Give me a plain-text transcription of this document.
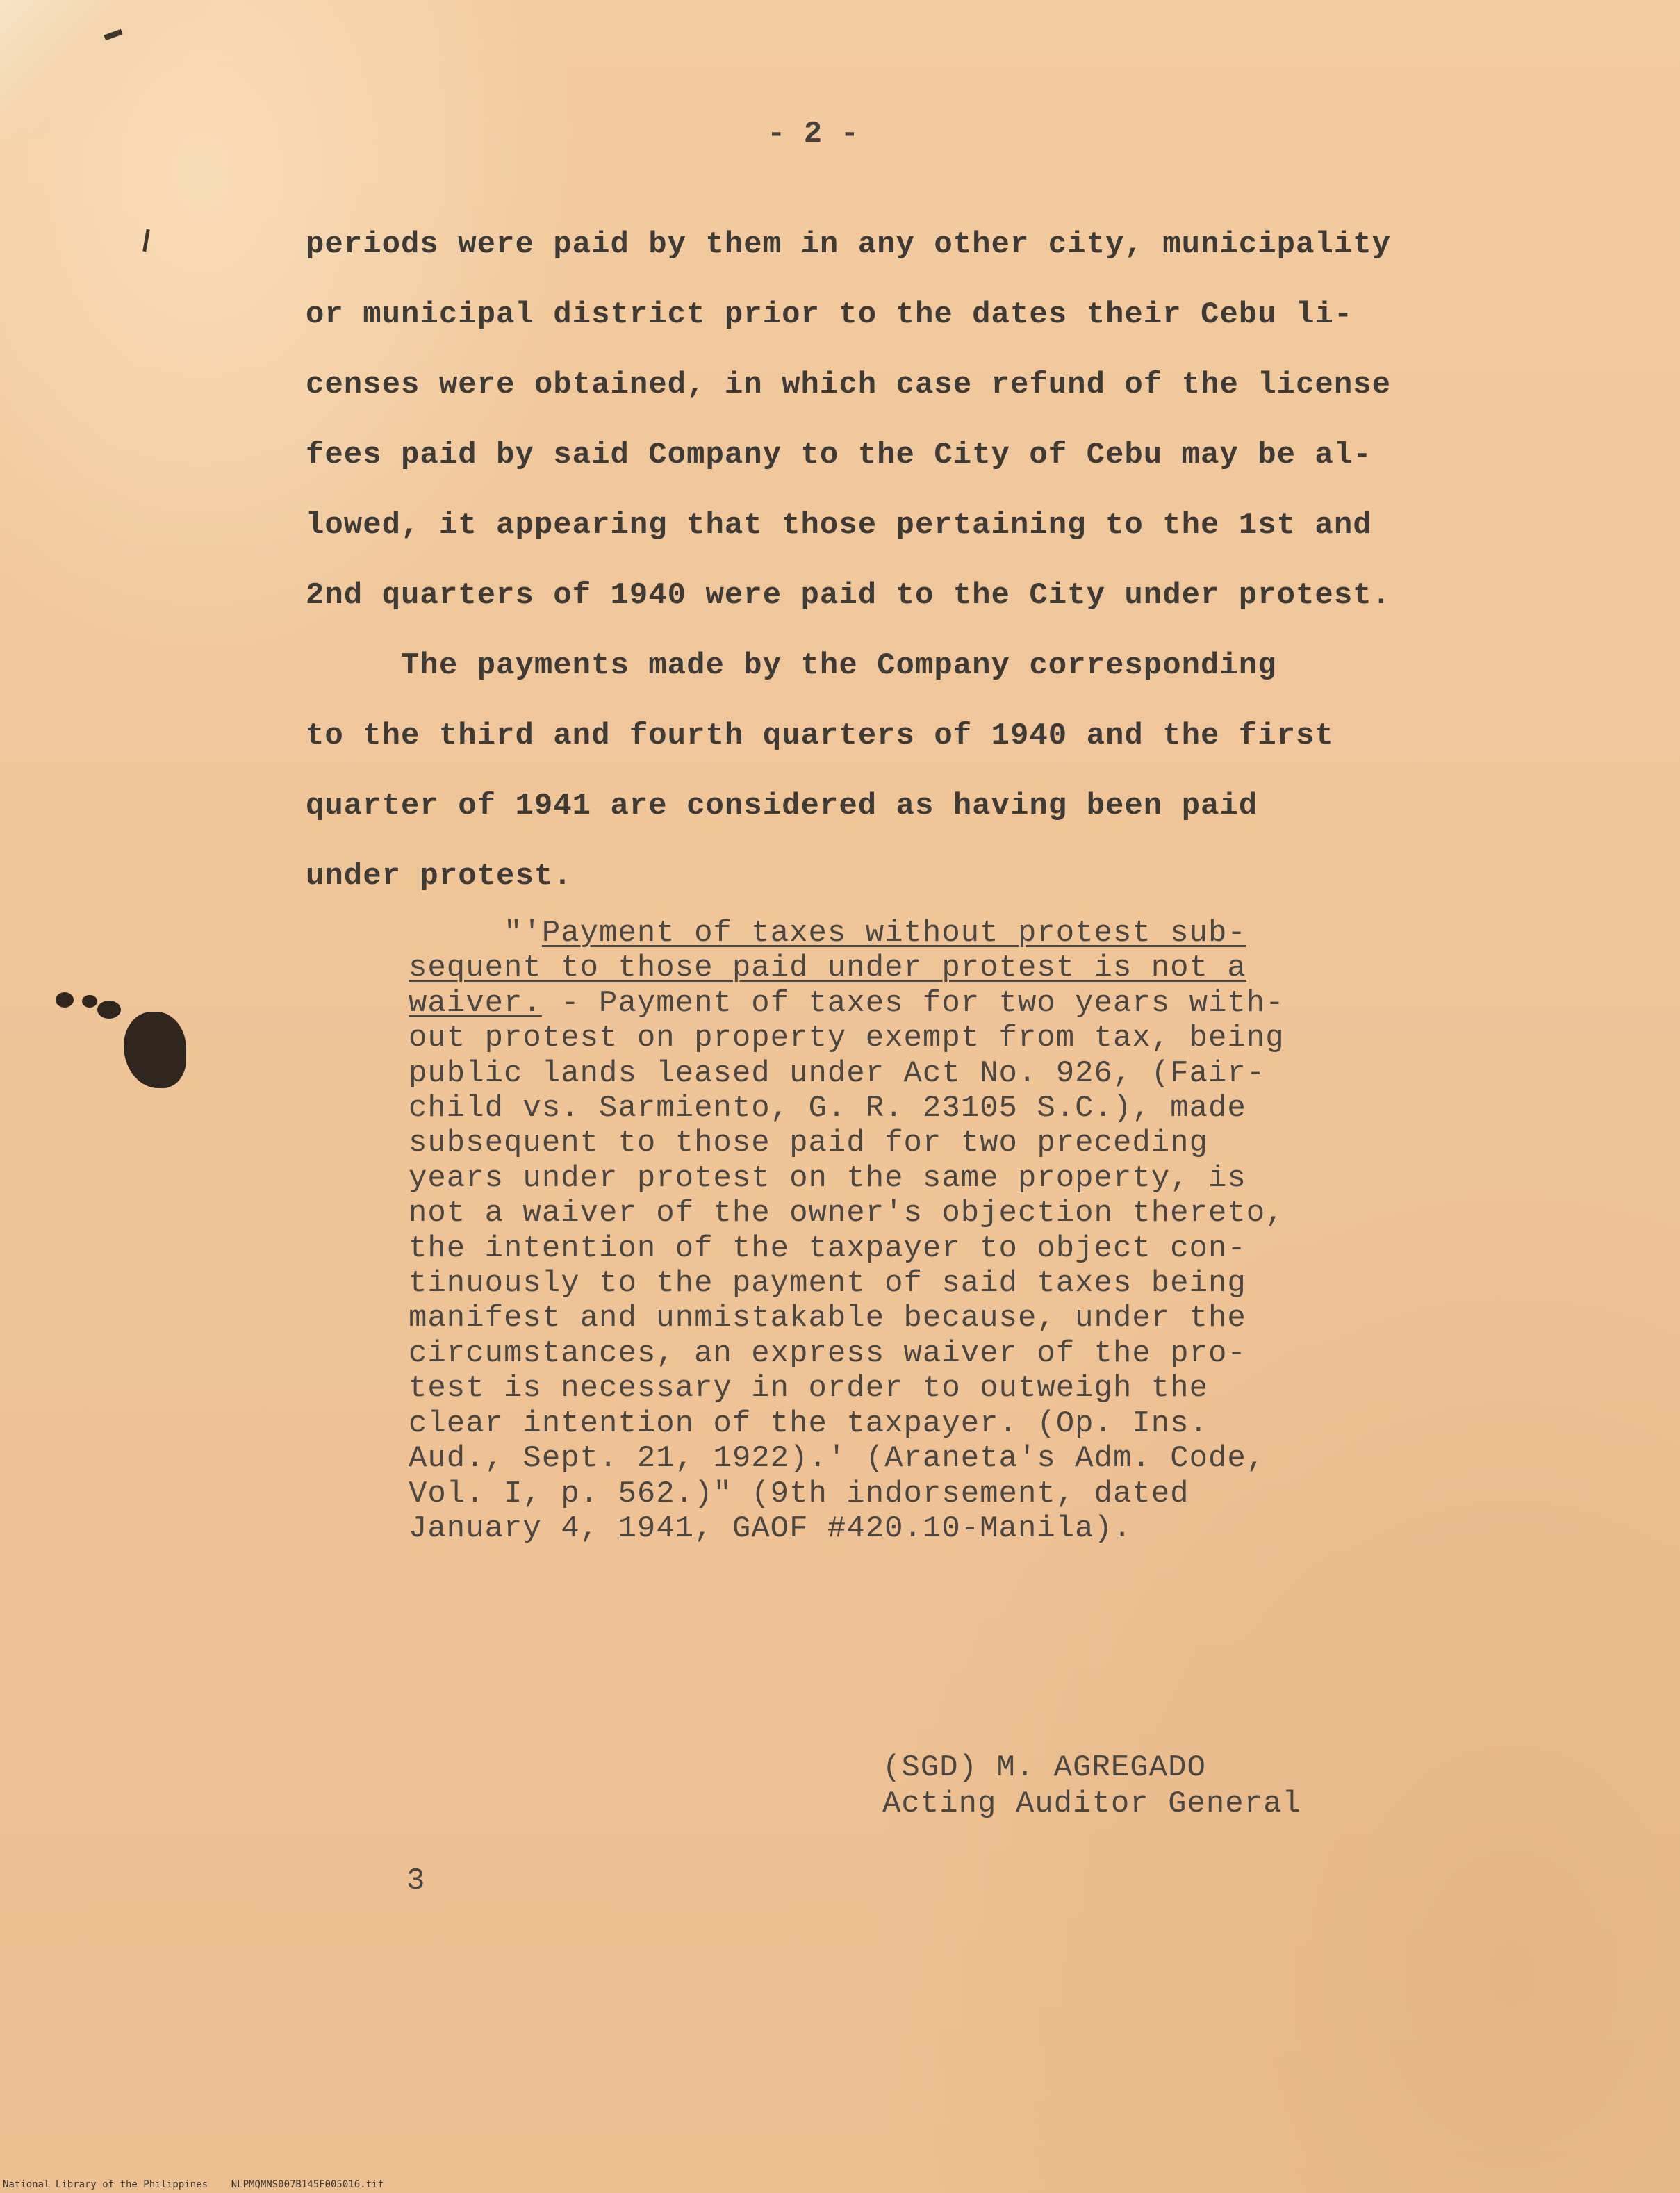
- 2 -
periods were paid by them in any other city, municipality
or municipal district prior to the dates their Cebu li-
censes were obtained, in which case refund of the license
fees paid by said Company to the City of Cebu may be al-
lowed, it appearing that those pertaining to the 1st and
2nd quarters of 1940 were paid to the City under protest.
The payments made by the Company corresponding
to the third and fourth quarters of 1940 and the first
quarter of 1941 are considered as having been paid
under protest.
"'Payment of taxes without protest sub-
sequent to those paid under protest is not a
waiver. - Payment of taxes for two years with-
out protest on property exempt from tax, being
public lands leased under Act No. 926, (Fair-
child vs. Sarmiento, G. R. 23105 S.C.), made
subsequent to those paid for two preceding
years under protest on the same property, is
not a waiver of the owner's objection thereto,
the intention of the taxpayer to object con-
tinuously to the payment of said taxes being
manifest and unmistakable because, under the
circumstances, an express waiver of the pro-
test is necessary in order to outweigh the
clear intention of the taxpayer. (Op. Ins.
Aud., Sept. 21, 1922).' (Araneta's Adm. Code,
Vol. I, p. 562.)" (9th indorsement, dated
January 4, 1941, GAOF #420.10-Manila).
(SGD) M. AGREGADO
Acting Auditor General
3
National Library of the Philippines    NLPMQMNS007B145F005016.tif
